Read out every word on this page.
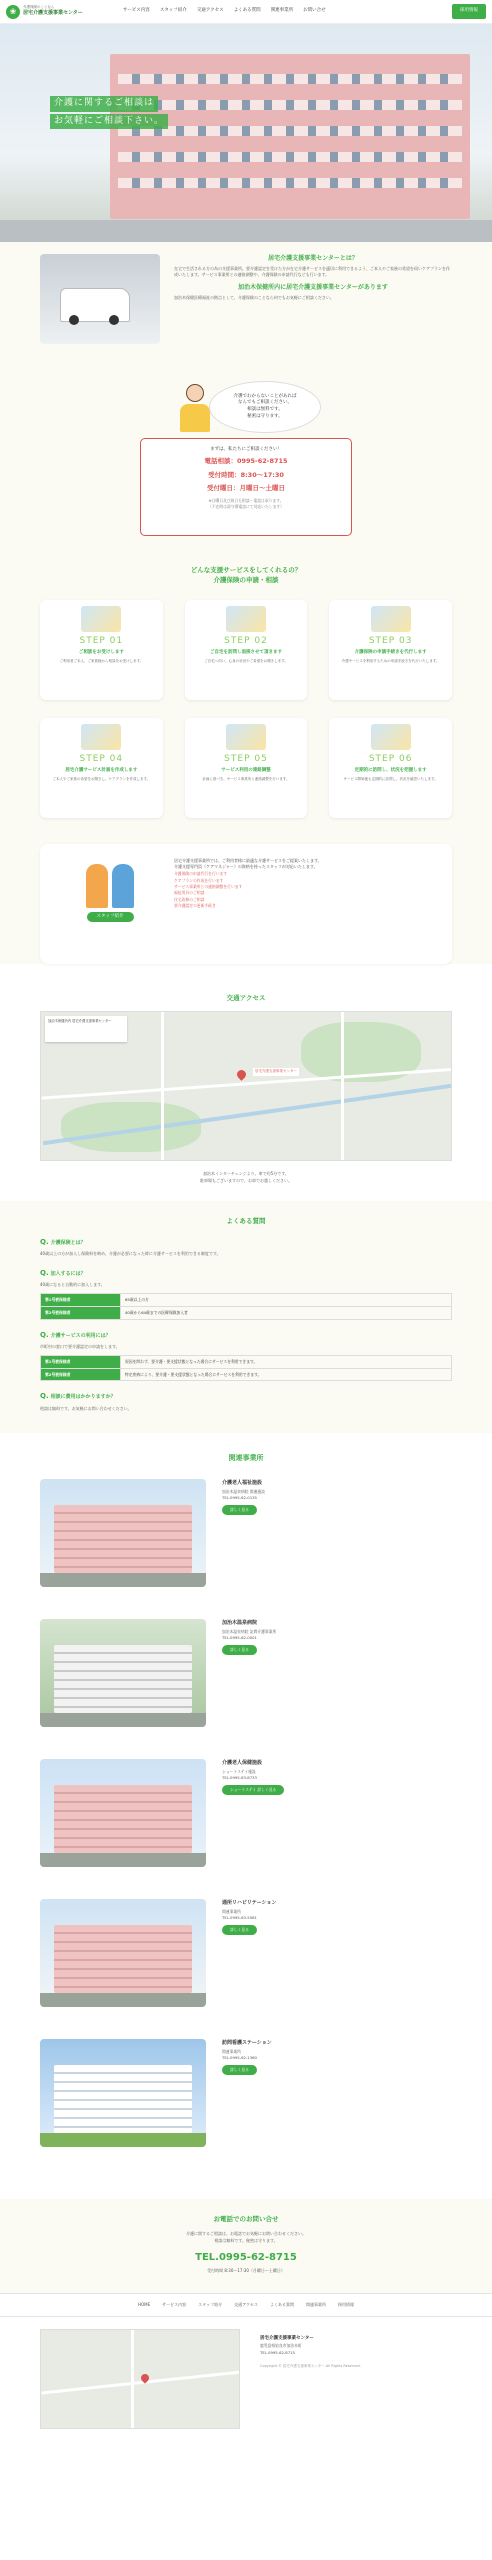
❀	介護保険のことなら
居宅介護支援事業センター	サービス内容 スタッフ紹介 交通アクセス よくある質問 関連事業所 お問い合せ	採用情報
介護に関するご相談は
お気軽にご相談下さい。
居宅介護支援事業センターとは？

在宅で生活される方の為の支援事業所。要介護認定を受けた方が在宅介護サービスを適切に利用できるよう、ご本人やご家族の希望を伺いケアプランを作成いたします。サービス事業所との連絡調整や、介護保険の申請代行なども行います。

加治木保健所内に居宅介護支援事業センターがあります

加治木保健医療福祉の拠点として、介護保険のことなら何でもお気軽にご相談ください。

介護でわからないことがあれば
なんでもご相談ください。
相談は無料です。
秘密は守ります。
まずは、私たちにご相談ください！
電話相談：0995-62-8715
受付時間：8:30～17:30
受付曜日：月曜日～土曜日
※日曜日及び祝日も相談・電話は承ります。
（不在時は留守番電話にて対応いたします）
どんな支援サービスをしてくれるの？
介護保険の申請・相談
STEP 01
ご相談をお受けします
ご利用者ご本人、ご家族様から相談をお受けします。
STEP 02
ご自宅を訪問し面接させて頂きます
ご自宅へ伺い、心身の状況やご希望をお聞きします。
STEP 03
介護保険の申請手続きを代行します
介護サービスを利用するための申請手続きを代行いたします。
STEP 04
居宅介護サービス計画を作成します
ご本人やご家族の希望をお聞きし、ケアプランを作成します。
STEP 05
サービス利用の連絡調整
計画に基づき、サービス事業所と連絡調整を行います。
STEP 06
定期的に訪問し、状況を把握します
サービス開始後も定期的に訪問し、状況を確認いたします。
スタッフ紹介
居宅介護支援事業所では、ご利用者様に最適な介護サービスをご提案いたします。
介護支援専門員（ケアマネジャー）の資格を持ったスタッフが対応いたします。
介護保険の申請代行を行います
ケアプランの作成を行います
サービス事業所との連絡調整を行います
福祉用具のご相談
住宅改修のご相談
要介護認定の更新手続き
交通アクセス
居宅介護支援事業センター
加治木保健所内 居宅介護支援事業センター
加治木インターチェンジより、車で約5分です。
駐車場もございますので、お車でお越しください。
よくある質問
Q. 介護保険とは？
40歳以上の方が加入し保険料を納め、介護が必要になった時に介護サービスを利用できる制度です。
Q. 加入するには？
40歳になると自動的に加入します。
第1号被保険者	65歳以上の方
第2号被保険者	40歳から64歳までの医療保険加入者
Q. 介護サービスの利用には？
市町村の窓口で要介護認定の申請をします。
第1号被保険者	原因を問わず、要介護・要支援状態となった場合にサービスを利用できます。
第2号被保険者	特定疾病により、要介護・要支援状態となった場合にサービスを利用できます。
Q. 相談に費用はかかりますか？
相談は無料です。お気軽にお問い合わせください。
関連事業所
介護老人福祉施設
加治木温泉病院 関連施設
TEL.0995-62-0135
詳しく見る
加治木温泉病院
加治木温泉病院 訪問介護事業所
TEL.0995-62-0001
詳しく見る
介護老人保健施設
ショートステイ施設
TEL.0995-63-8733
ショートステイ 詳しく見る
通所リハビリテーション
関連事業所
TEL.0995-63-5581
詳しく見る
訪問看護ステーション
関連事業所
TEL.0995-62-1360
詳しく見る
お電話でのお問い合せ
介護に関するご相談は、お電話でお気軽にお問い合わせください。
相談は無料です。秘密は守ります。
TEL.0995-62-8715
受付時間 8:30～17:30（月曜日～土曜日）
HOME	サービス内容	スタッフ紹介	交通アクセス	よくある質問	関連事業所	採用情報
居宅介護支援事業センター
鹿児島県姶良市加治木町
TEL.0995-62-8715
Copyright © 居宅介護支援事業センター All Rights Reserved.
